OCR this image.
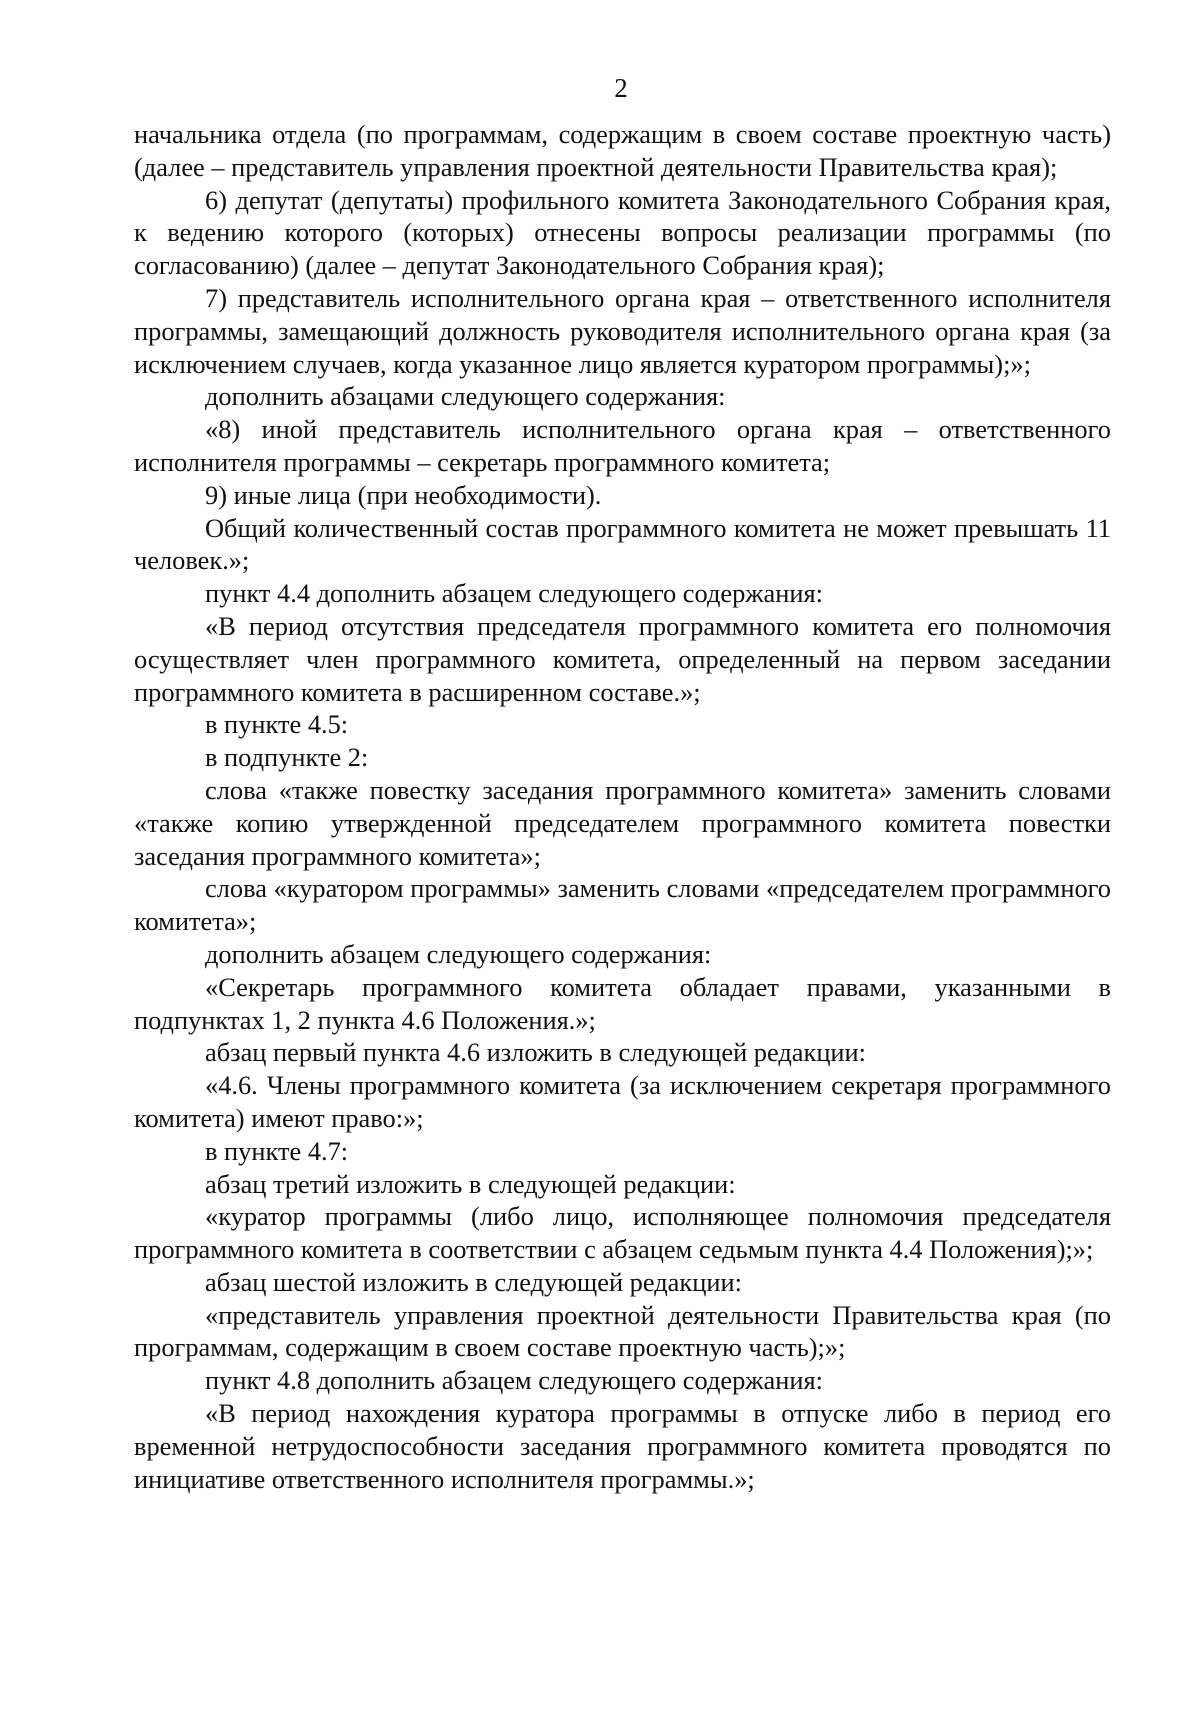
2

начальника отдела (по программам, содержащим в своем составе проектную часть) (далее – представитель управления проектной деятельности Правительства края);

6) депутат (депутаты) профильного комитета Законодательного Собрания края, к ведению которого (которых) отнесены вопросы реализации программы (по согласованию) (далее – депутат Законодательного Собрания края);

7) представитель исполнительного органа края – ответственного исполнителя программы, замещающий должность руководителя исполнительного органа края (за исключением случаев, когда указанное лицо является куратором программы);»;

дополнить абзацами следующего содержания:

«8) иной представитель исполнительного органа края – ответственного исполнителя программы – секретарь программного комитета;

9) иные лица (при необходимости).

Общий количественный состав программного комитета не может превышать 11 человек.»;

пункт 4.4 дополнить абзацем следующего содержания:

«В период отсутствия председателя программного комитета его полномочия осуществляет член программного комитета, определенный на первом заседании программного комитета в расширенном составе.»;

в пункте 4.5:

в подпункте 2:

слова «также повестку заседания программного комитета» заменить словами «также копию утвержденной председателем программного комитета повестки заседания программного комитета»;

слова «куратором программы» заменить словами «председателем программного комитета»;

дополнить абзацем следующего содержания:

«Секретарь программного комитета обладает правами, указанными в подпунктах 1, 2 пункта 4.6 Положения.»;

абзац первый пункта 4.6 изложить в следующей редакции:

«4.6. Члены программного комитета (за исключением секретаря программного комитета) имеют право:»;

в пункте 4.7:

абзац третий изложить в следующей редакции:

«куратор программы (либо лицо, исполняющее полномочия председателя программного комитета в соответствии с абзацем седьмым пункта 4.4 Положения);»;

абзац шестой изложить в следующей редакции:

«представитель управления проектной деятельности Правительства края (по программам, содержащим в своем составе проектную часть);»;

пункт 4.8 дополнить абзацем следующего содержания:

«В период нахождения куратора программы в отпуске либо в период его временной нетрудоспособности заседания программного комитета проводятся по инициативе ответственного исполнителя программы.»;
